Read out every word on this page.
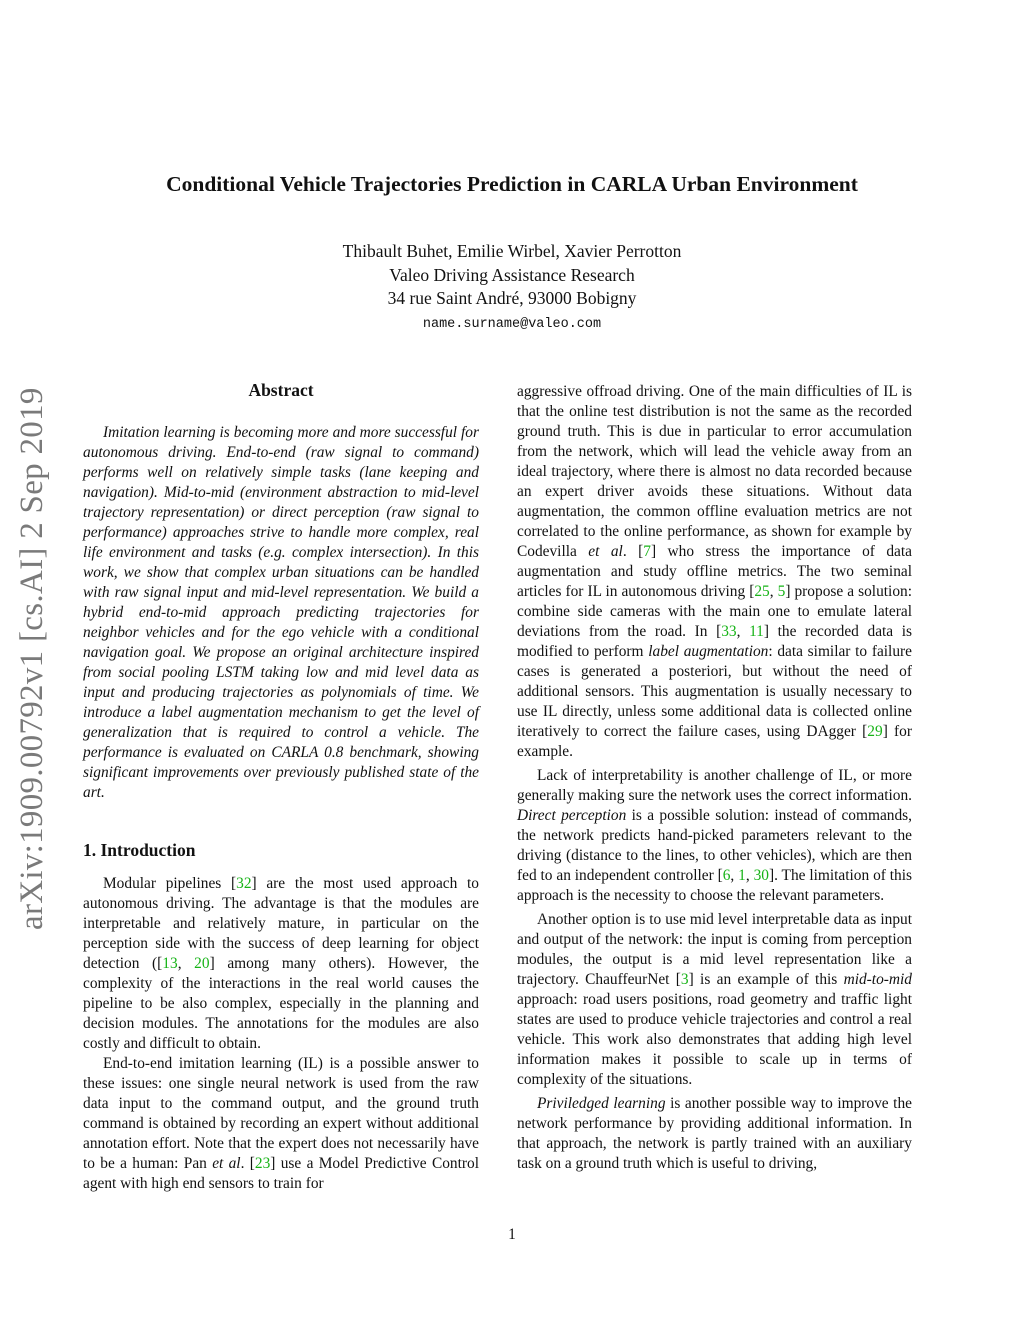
Conditional Vehicle Trajectories Prediction in CARLA Urban Environment
Thibault Buhet, Emilie Wirbel, Xavier Perrotton
Valeo Driving Assistance Research
34 rue Saint André, 93000 Bobigny
name.surname@valeo.com
arXiv:1909.00792v1 [cs.AI] 2 Sep 2019	Abstract

Imitation learning is becoming more and more successful for autonomous driving. End-to-end (raw signal to command) performs well on relatively simple tasks (lane keeping and navigation). Mid-to-mid (environment abstraction to mid-level trajectory representation) or direct perception (raw signal to performance) approaches strive to handle more complex, real life environment and tasks (e.g. complex intersection). In this work, we show that complex urban situations can be handled with raw signal input and mid-level representation. We build a hybrid end-to-mid approach predicting trajectories for neighbor vehicles and for the ego vehicle with a conditional navigation goal. We propose an original architecture inspired from social pooling LSTM taking low and mid level data as input and producing trajectories as polynomials of time. We introduce a label augmentation mechanism to get the level of generalization that is required to control a vehicle. The performance is evaluated on CARLA 0.8 benchmark, showing significant improvements over previously published state of the art.

1. Introduction

Modular pipelines [32] are the most used approach to autonomous driving. The advantage is that the modules are interpretable and relatively mature, in particular on the perception side with the success of deep learning for object detection ([13, 20] among many others). However, the complexity of the interactions in the real world causes the pipeline to be also complex, especially in the planning and decision modules. The annotations for the modules are also costly and difficult to obtain.

End-to-end imitation learning (IL) is a possible answer to these issues: one single neural network is used from the raw data input to the command output, and the ground truth command is obtained by recording an expert without additional annotation effort. Note that the expert does not necessarily have to be a human: Pan et al. [23] use a Model Predictive Control agent with high end sensors to train for

aggressive offroad driving. One of the main difficulties of IL is that the online test distribution is not the same as the recorded ground truth. This is due in particular to error accumulation from the network, which will lead the vehicle away from an ideal trajectory, where there is almost no data recorded because an expert driver avoids these situations. Without data augmentation, the common offline evaluation metrics are not correlated to the online performance, as shown for example by Codevilla et al. [7] who stress the importance of data augmentation and study offline metrics. The two seminal articles for IL in autonomous driving [25, 5] propose a solution: combine side cameras with the main one to emulate lateral deviations from the road. In [33, 11] the recorded data is modified to perform label augmentation: data similar to failure cases is generated a posteriori, but without the need of additional sensors. This augmentation is usually necessary to use IL directly, unless some additional data is collected online iteratively to correct the failure cases, using DAgger [29] for example.

Lack of interpretability is another challenge of IL, or more generally making sure the network uses the correct information. Direct perception is a possible solution: instead of commands, the network predicts hand-picked parameters relevant to the driving (distance to the lines, to other vehicles), which are then fed to an independent controller [6, 1, 30]. The limitation of this approach is the necessity to choose the relevant parameters.

Another option is to use mid level interpretable data as input and output of the network: the input is coming from perception modules, the output is a mid level representation like a trajectory. ChauffeurNet [3] is an example of this mid-to-mid approach: road users positions, road geometry and traffic light states are used to produce vehicle trajectories and control a real vehicle. This work also demonstrates that adding high level information makes it possible to scale up in terms of complexity of the situations.

Priviledged learning is another possible way to improve the network performance by providing additional information. In that approach, the network is partly trained with an auxiliary task on a ground truth which is useful to driving,

1
